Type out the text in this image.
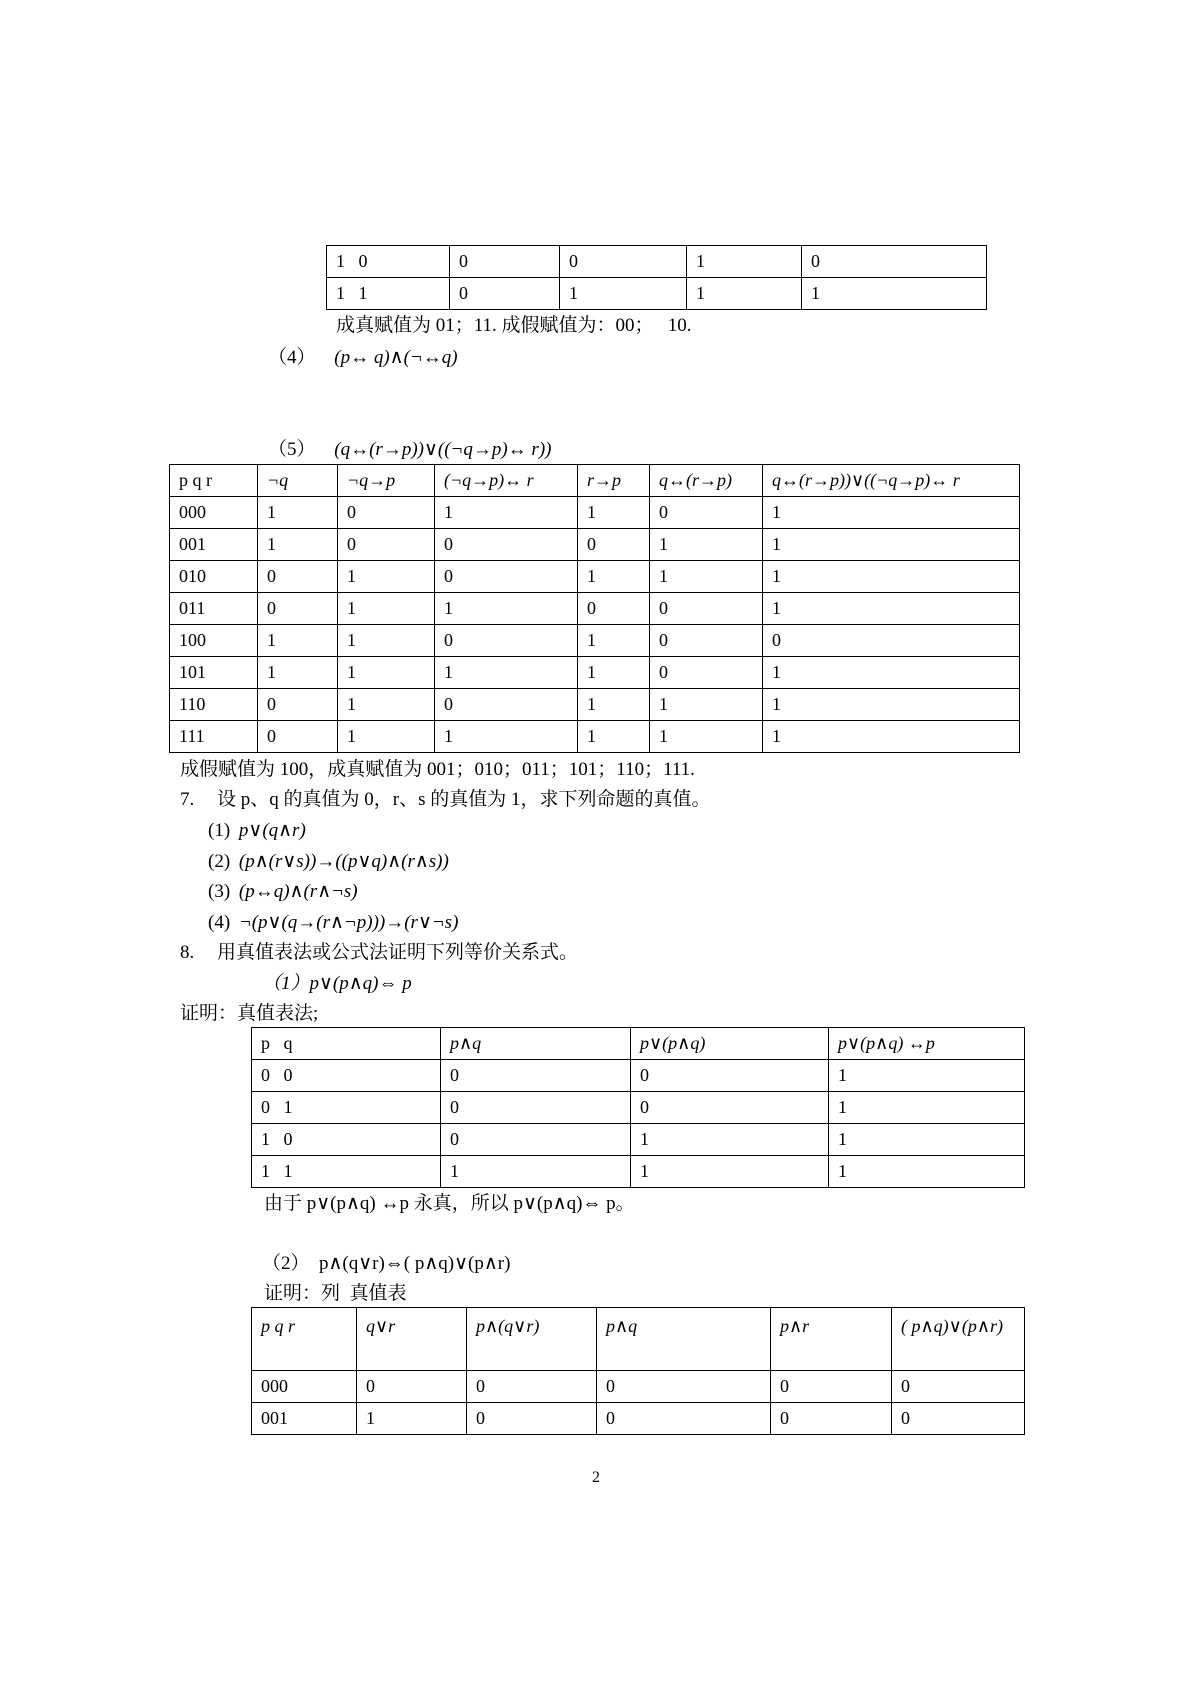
1   0	0	0	1	0
1   1	0	1	1	1
成真赋值为 01；11. 成假赋值为：00；   10.
（4） (p↔ q)∧(¬↔q)
（5） (q↔(r→p))∨((¬q→p)↔ r))
p q r	¬q	¬q→p	(¬q→p)↔ r	r→p	q↔(r→p)	q↔(r→p))∨((¬q→p)↔ r
000	1	0	1	1	0	1
001	1	0	0	0	1	1
010	0	1	0	1	1	1
011	0	1	1	0	0	1
100	1	1	0	1	0	0
101	1	1	1	1	0	1
110	0	1	0	1	1	1
111	0	1	1	1	1	1
成假赋值为 100，成真赋值为 001；010；011；101；110；111.
7. 设 p、q 的真值为 0，r、s 的真值为 1，求下列命题的真值。
(1) p∨(q∧r)
(2) (p∧(r∨s))→((p∨q)∧(r∧s))
(3) (p↔q)∧(r∧¬s)
(4) ¬(p∨(q→(r∧¬p)))→(r∨¬s)
8. 用真值表法或公式法证明下列等价关系式。
（1）p∨(p∧q)⇔ p
证明：真值表法;
p   q	p∧q	p∨(p∧q)	p∨(p∧q) ↔p
0   0	0	0	1
0   1	0	0	1
1   0	0	1	1
1   1	1	1	1
由于 p∨(p∧q) ↔p 永真，所以 p∨(p∧q)⇔ p。
（2）  p∧(q∨r)⇔( p∧q)∨(p∧r)
证明：列  真值表
p q r	q∨r	p∧(q∨r)	p∧q	p∧r	( p∧q)∨(p∧r)
000	0	0	0	0	0
001	1	0	0	0	0
2
